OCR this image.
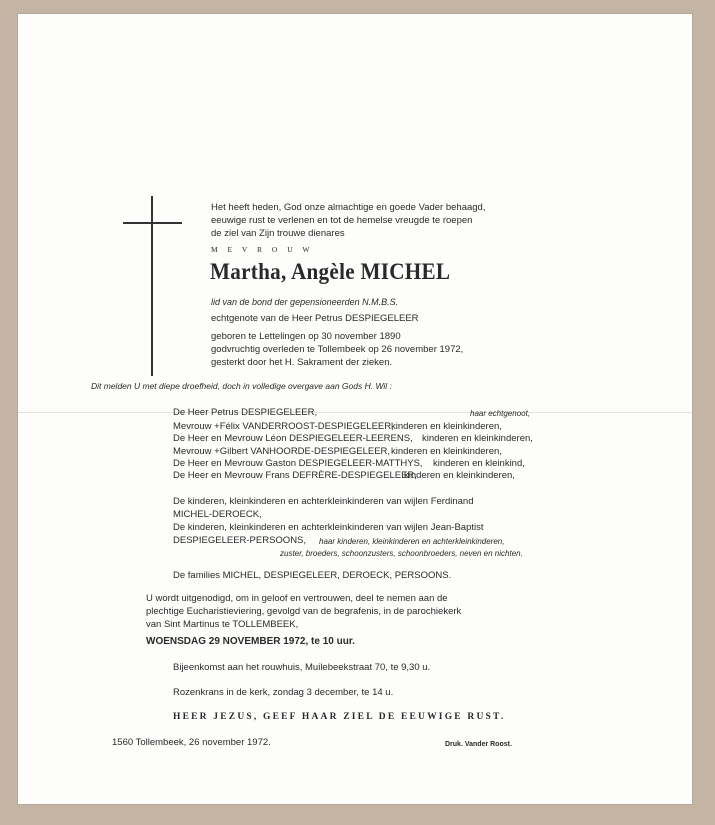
Het heeft heden, God onze almachtige en goede Vader behaagd,
eeuwige rust te verlenen en tot de hemelse vreugde te roepen
de ziel van Zijn trouwe dienares
M E V R O U W
Martha, Angèle MICHEL
lid van de bond der gepensioneerden N.M.B.S.
echtgenote van de Heer Petrus DESPIEGELEER
geboren te Lettelingen op 30 november 1890
godvruchtig overleden te Tollembeek op 26 november 1972,
gesterkt door het H. Sakrament der zieken.
Dit melden U met diepe droefheid, doch in volledige overgave aan Gods H. Wil :
De Heer Petrus DESPIEGELEER,	haar echtgenoot,
Mevrouw +Félix VANDERROOST-DESPIEGELEER,
kinderen en kleinkinderen,
De Heer en Mevrouw Léon DESPIEGELEER-LEERENS, kinderen en kleinkinderen,
Mevrouw +Gilbert VANHOORDE-DESPIEGELEER, kinderen en kleinkinderen,
De Heer en Mevrouw Gaston DESPIEGELEER-MATTHYS, kinderen en kleinkind,
De Heer en Mevrouw Frans DEFRÈRE-DESPIEGELEER,
kinderen en kleinkinderen,
De kinderen, kleinkinderen en achterkleinkinderen van wijlen Ferdinand
MICHEL-DEROECK,
De kinderen, kleinkinderen en achterkleinkinderen van wijlen Jean-Baptist
DESPIEGELEER-PERSOONS, haar kinderen, kleinkinderen en achterkleinkinderen,
zuster, broeders, schoonzusters, schoonbroeders, neven en nichten.
De families MICHEL, DESPIEGELEER, DEROECK, PERSOONS.
U wordt uitgenodigd, om in geloof en vertrouwen, deel te nemen aan de
plechtige Eucharistieviering, gevolgd van de begrafenis, in de parochiekerk
van Sint Martinus te TOLLEMBEEK,
WOENSDAG 29 NOVEMBER 1972, te 10 uur.
Bijeenkomst aan het rouwhuis, Muilebeekstraat 70, te 9,30 u.
Rozenkrans in de kerk, zondag 3 december, te 14 u.
HEER JEZUS, GEEF HAAR ZIEL DE EEUWIGE RUST.
1560 Tollembeek, 26 november 1972.	Druk. Vander Roost.
